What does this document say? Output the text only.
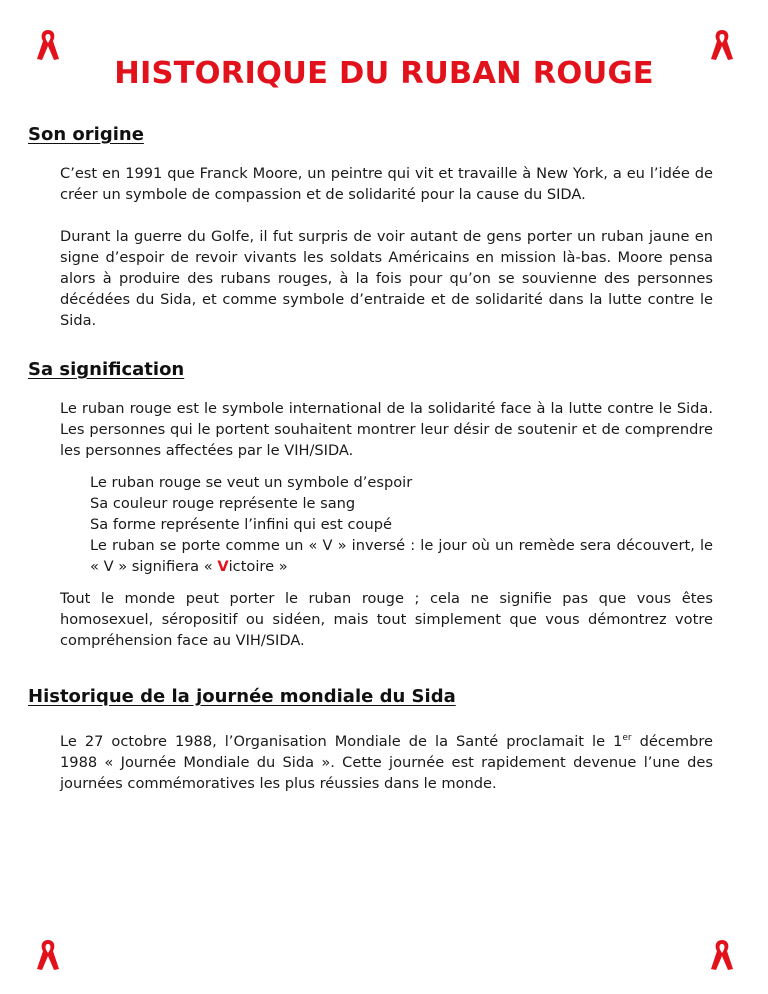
HISTORIQUE DU RUBAN ROUGE
Son origine

C’est en 1991 que Franck Moore, un peintre qui vit et travaille à New York, a eu l’idée de créer un symbole de compassion et de solidarité pour la cause du SIDA.

Durant la guerre du Golfe, il fut surpris de voir autant de gens porter un ruban jaune en signe d’espoir de revoir vivants les soldats Américains en mission là-bas. Moore pensa alors à produire des rubans rouges, à la fois pour qu’on se souvienne des personnes décédées du Sida, et comme symbole d’entraide et de solidarité dans la lutte contre le Sida.

Sa signification

Le ruban rouge est le symbole international de la solidarité face à la lutte contre le Sida. Les personnes qui le portent souhaitent montrer leur désir de soutenir et de comprendre les personnes affectées par le VIH/SIDA.

Le ruban rouge se veut un symbole d’espoir
Sa couleur rouge représente le sang
Sa forme représente l’infini qui est coupé
Le ruban se porte comme un « V » inversé : le jour où un remède sera découvert, le « V » signifiera « Victoire »

Tout le monde peut porter le ruban rouge ; cela ne signifie pas que vous êtes homosexuel, séropositif ou sidéen, mais tout simplement que vous démontrez votre compréhension face au VIH/SIDA.

Historique de la journée mondiale du Sida

Le 27 octobre 1988, l’Organisation Mondiale de la Santé proclamait le 1er décembre 1988 « Journée Mondiale du Sida ». Cette journée est rapidement devenue l’une des journées commémoratives les plus réussies dans le monde.
